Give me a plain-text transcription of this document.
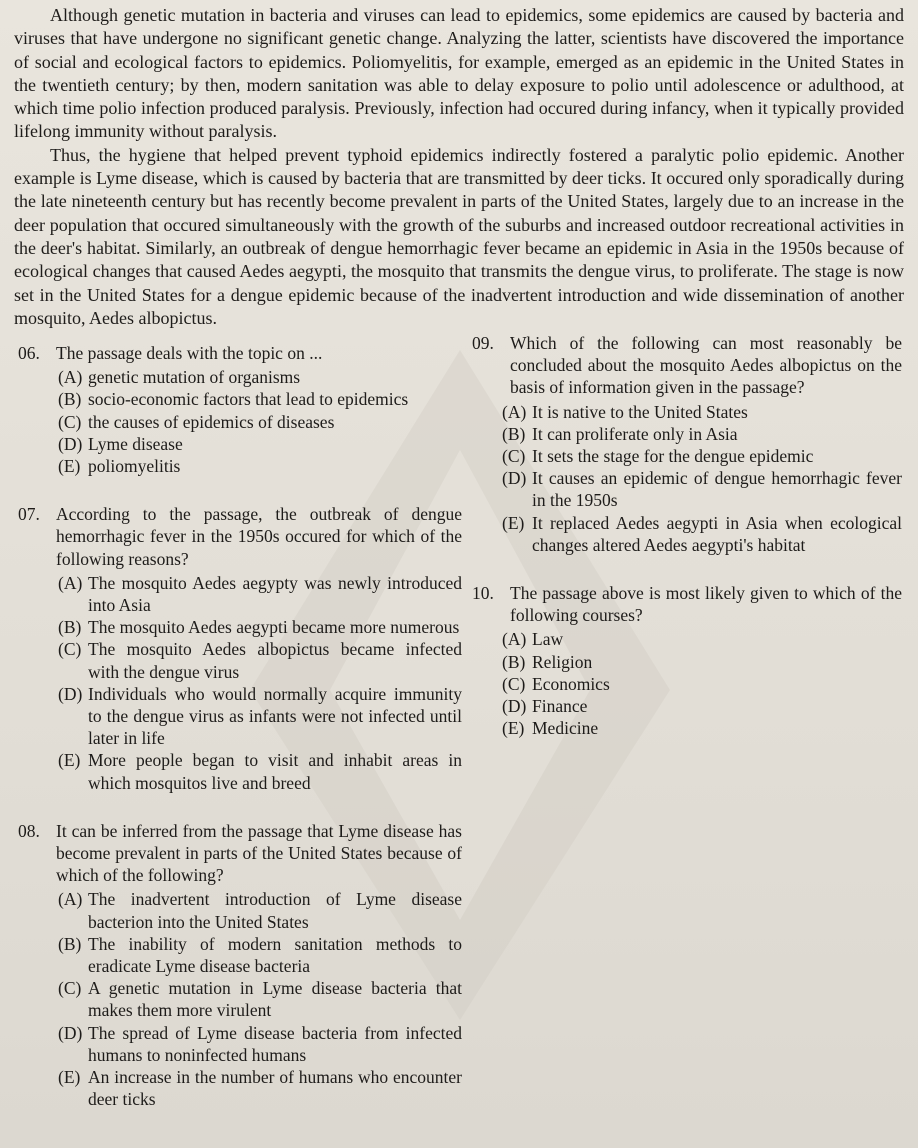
Although genetic mutation in bacteria and viruses can lead to epidemics, some epidemics are caused by bacteria and viruses that have undergone no significant genetic change. Analyzing the latter, scientists have discovered the importance of social and ecological factors to epidemics. Poliomyelitis, for example, emerged as an epidemic in the United States in the twentieth century; by then, modern sanitation was able to delay exposure to polio until adolescence or adulthood, at which time polio infection produced paralysis. Previously, infection had occured during infancy, when it typically provided lifelong immunity without paralysis.

Thus, the hygiene that helped prevent typhoid epidemics indirectly fostered a paralytic polio epidemic. Another example is Lyme disease, which is caused by bacteria that are transmitted by deer ticks. It occured only sporadically during the late nineteenth century but has recently become prevalent in parts of the United States, largely due to an increase in the deer population that occured simultaneously with the growth of the suburbs and increased outdoor recreational activities in the deer's habitat. Similarly, an outbreak of dengue hemorrhagic fever became an epidemic in Asia in the 1950s because of ecological changes that caused Aedes aegypti, the mosquito that transmits the dengue virus, to proliferate. The stage is now set in the United States for a dengue epidemic because of the inadvertent introduction and wide dissemination of another mosquito, Aedes albopictus.

06. The passage deals with the topic on ...
(A) genetic mutation of organisms
(B) socio-economic factors that lead to epidemics
(C) the causes of epidemics of diseases
(D) Lyme disease
(E) poliomyelitis
07. According to the passage, the outbreak of dengue hemorrhagic fever in the 1950s occured for which of the following reasons?
(A) The mosquito Aedes aegypty was newly introduced into Asia
(B) The mosquito Aedes aegypti became more numerous
(C) The mosquito Aedes albopictus became infected with the dengue virus
(D) Individuals who would normally acquire immunity to the dengue virus as infants were not infected until later in life
(E) More people began to visit and inhabit areas in which mosquitos live and breed
08. It can be inferred from the passage that Lyme disease has become prevalent in parts of the United States because of which of the following?
(A) The inadvertent introduction of Lyme disease bacterion into the United States
(B) The inability of modern sanitation methods to eradicate Lyme disease bacteria
(C) A genetic mutation in Lyme disease bacteria that makes them more virulent
(D) The spread of Lyme disease bacteria from infected humans to noninfected humans
(E) An increase in the number of humans who encounter deer ticks
09. Which of the following can most reasonably be concluded about the mosquito Aedes albopictus on the basis of information given in the passage?
(A) It is native to the United States
(B) It can proliferate only in Asia
(C) It sets the stage for the dengue epidemic
(D) It causes an epidemic of dengue hemorrhagic fever in the 1950s
(E) It replaced Aedes aegypti in Asia when ecological changes altered Aedes aegypti's habitat
10. The passage above is most likely given to which of the following courses?
(A) Law
(B) Religion
(C) Economics
(D) Finance
(E) Medicine
